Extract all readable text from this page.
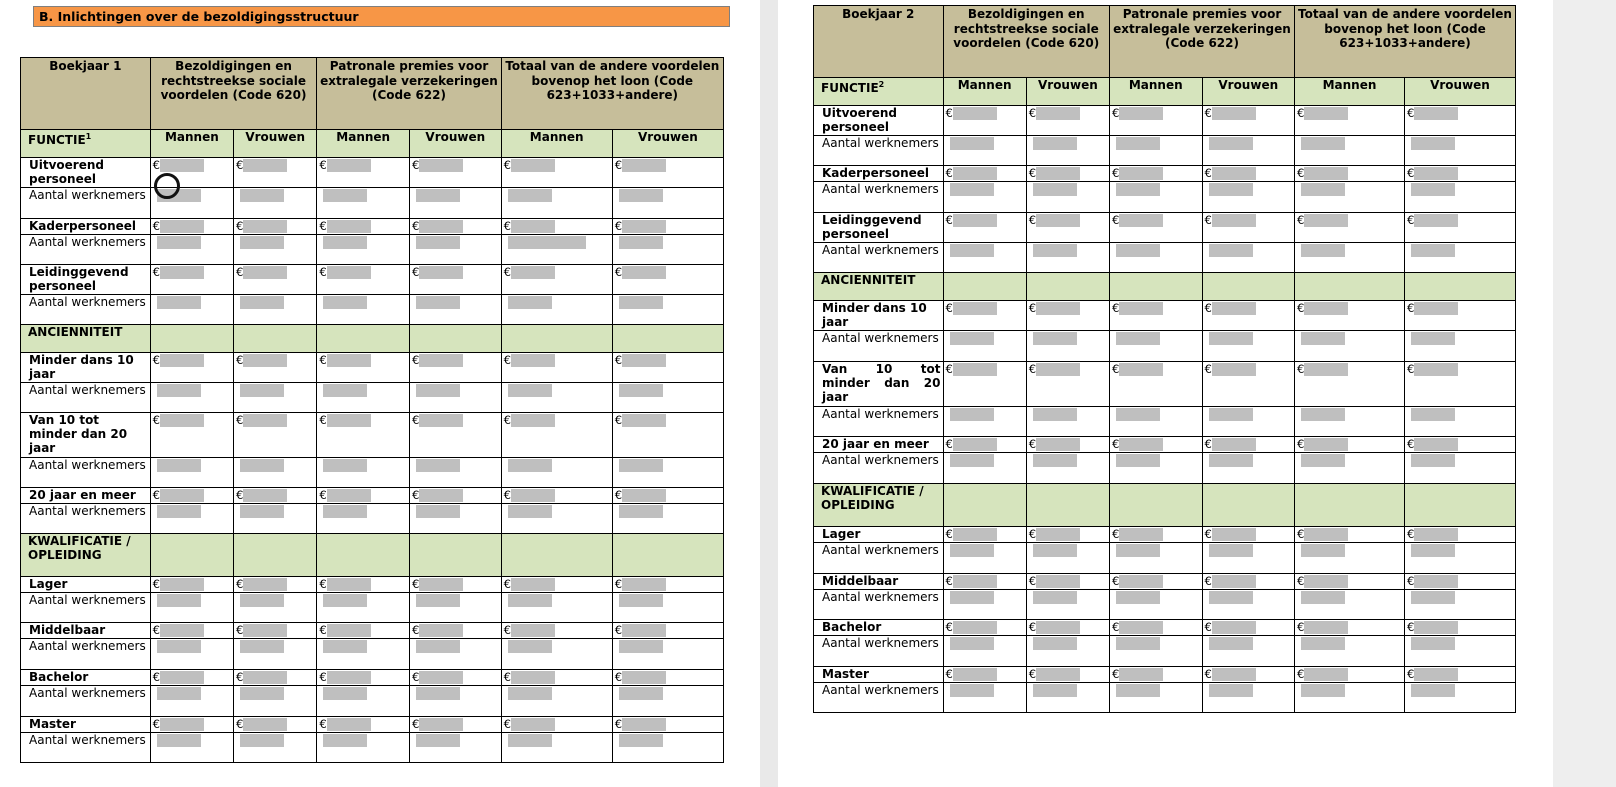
B. Inlichtingen over de bezoldigingsstructuur
Boekjaar 1	Bezoldigingen en rechtstreekse sociale voordelen (Code 620)		Patronale premies voor extralegale verzekeringen (Code 622)		Totaal van de andere voordelen bovenop het loon (Code 623+1033+andere)	
FUNCTIE$^1$	Mannen	Vrouwen	Mannen	Vrouwen	Mannen	Vrouwen
Uitvoerend personeel	€	€	€	€	€	€
Aantal werknemers						
Kaderpersoneel	€	€	€	€	€	€
Aantal werknemers						
Leidinggevend personeel	€	€	€	€	€	€
Aantal werknemers						
ANCIENNITEIT						
Minder dans 10 jaar	€	€	€	€	€	€
Aantal werknemers						
Van 10 tot minder dan 20 jaar	€	€	€	€	€	€
Aantal werknemers						
20 jaar en meer	€	€	€	€	€	€
Aantal werknemers						
KWALIFICATIE / OPLEIDING						
Lager	€	€	€	€	€	€
Aantal werknemers						
Middelbaar	€	€	€	€	€	€
Aantal werknemers						
Bachelor	€	€	€	€	€	€
Aantal werknemers						
Master	€	€	€	€	€	€
Aantal werknemers						
Boekjaar 2	Bezoldigingen en rechtstreekse sociale voordelen (Code 620)		Patronale premies voor extralegale verzekeringen (Code 622)		Totaal van de andere voordelen bovenop het loon (Code 623+1033+andere)	
FUNCTIE$^2$	Mannen	Vrouwen	Mannen	Vrouwen	Mannen	Vrouwen
Uitvoerend personeel	€	€	€	€	€	€
Aantal werknemers						
Kaderpersoneel	€	€	€	€	€	€
Aantal werknemers						
Leidinggevend personeel	€	€	€	€	€	€
Aantal werknemers						
ANCIENNITEIT						
Minder dans 10 jaar	€	€	€	€	€	€
Aantal werknemers						
Van 10 tot minder dan 20 jaar	€	€	€	€	€	€
Aantal werknemers						
20 jaar en meer	€	€	€	€	€	€
Aantal werknemers						
KWALIFICATIE / OPLEIDING						
Lager	€	€	€	€	€	€
Aantal werknemers						
Middelbaar	€	€	€	€	€	€
Aantal werknemers						
Bachelor	€	€	€	€	€	€
Aantal werknemers						
Master	€	€	€	€	€	€
Aantal werknemers						
